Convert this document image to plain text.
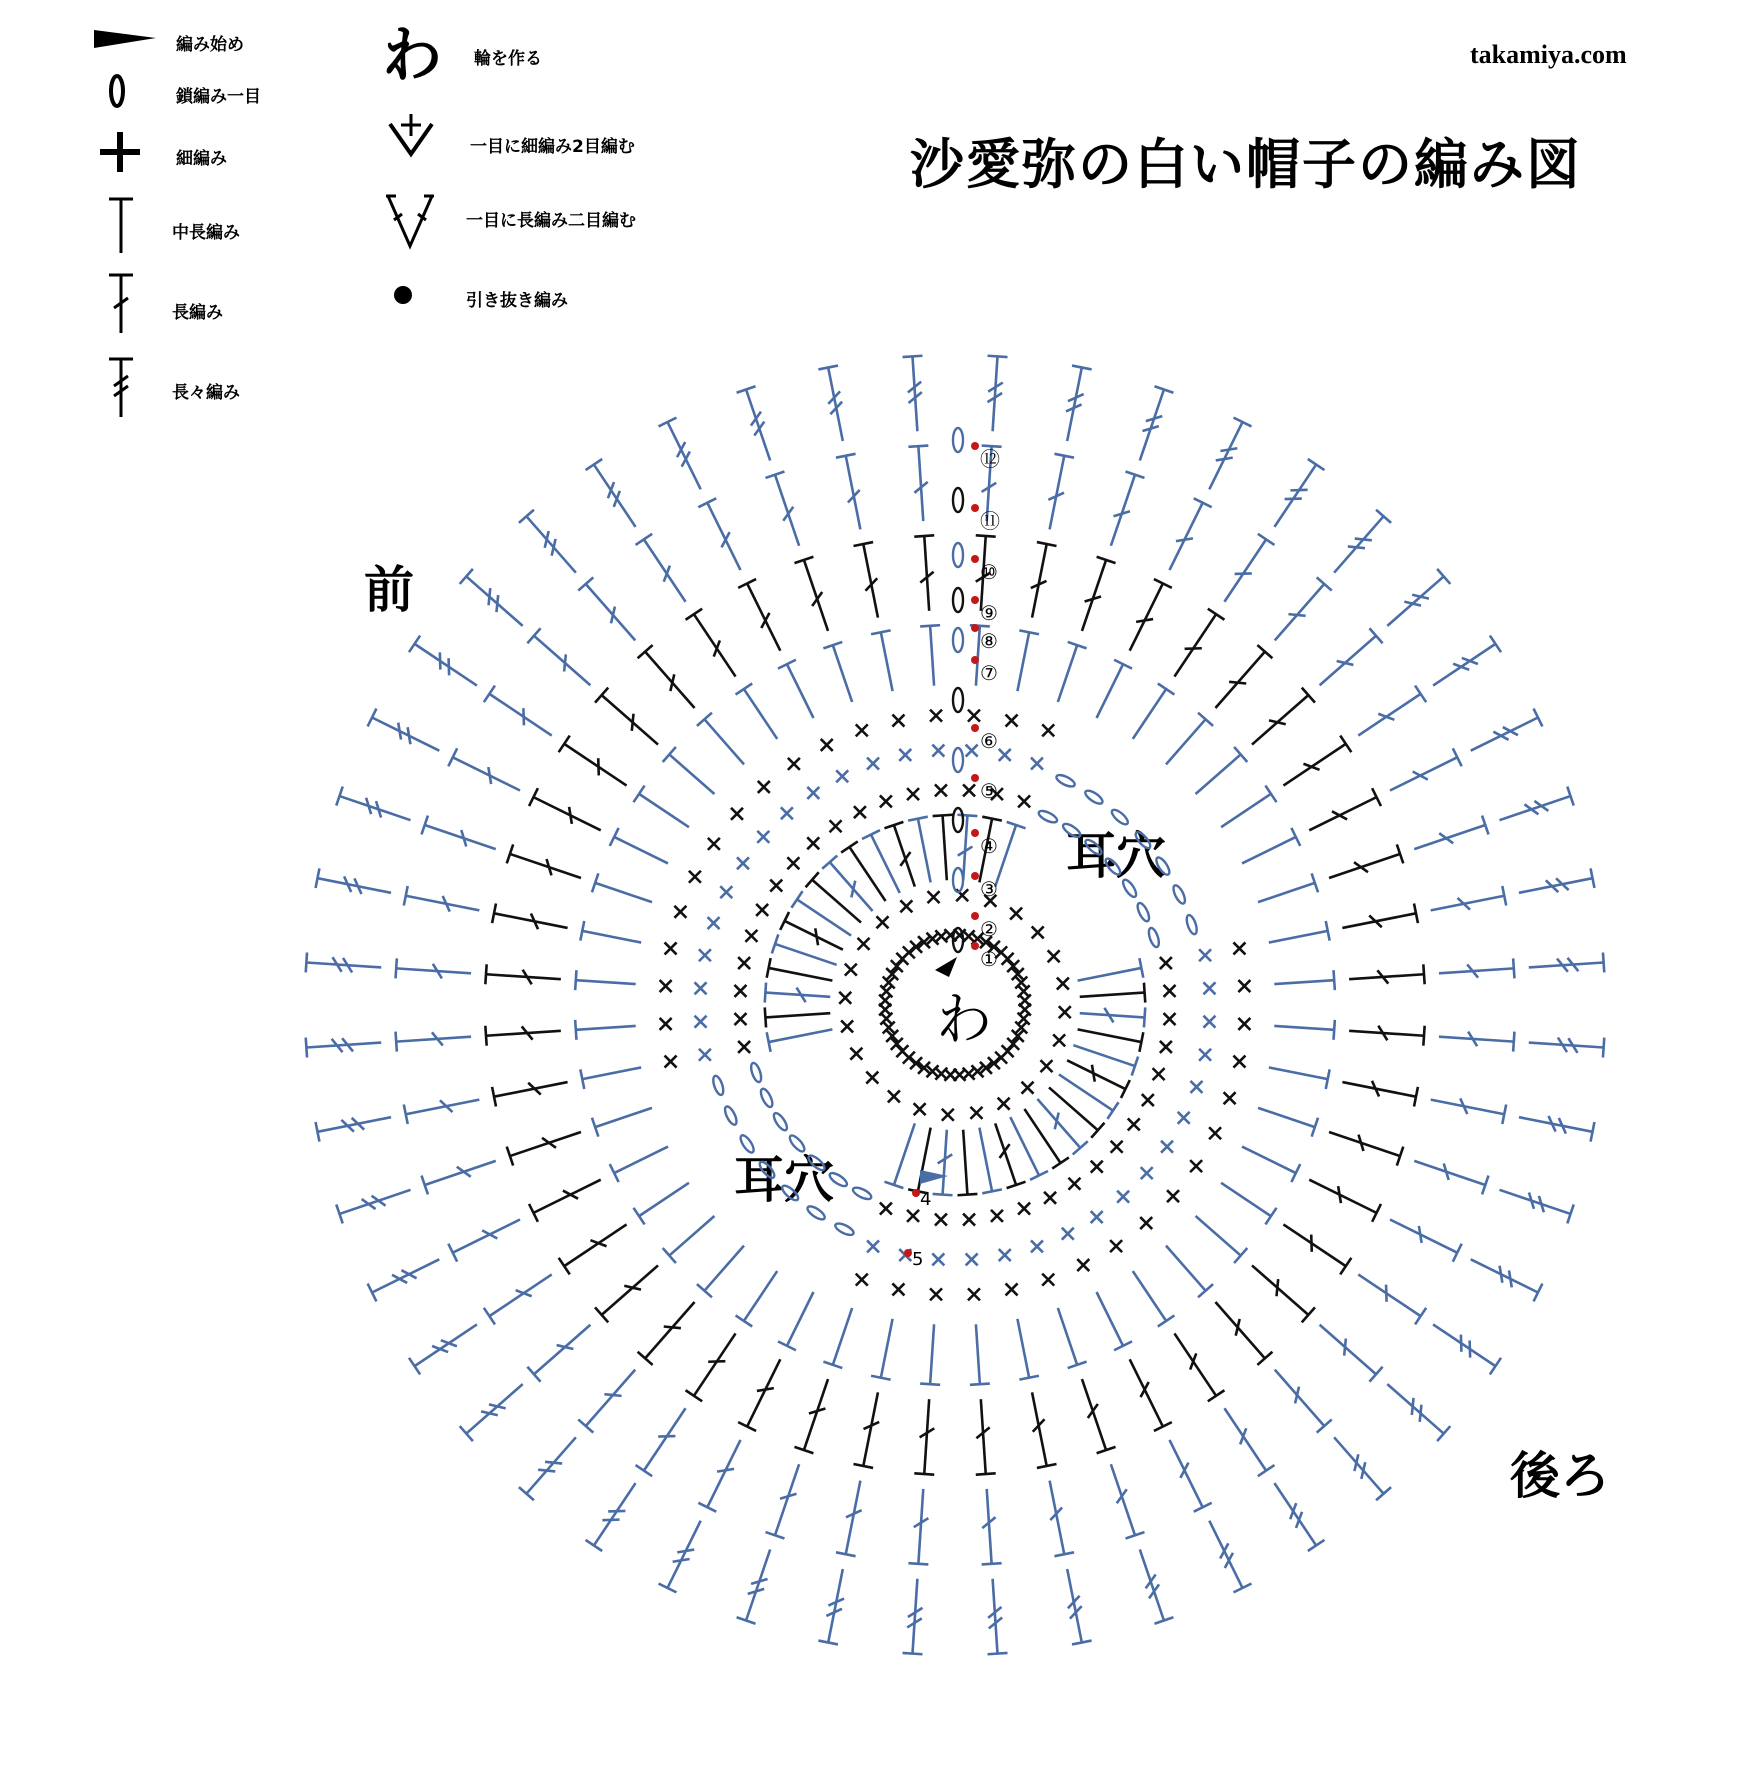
takamiya.com
沙愛弥の白い帽子の編み図
編み始め
鎖編み一目
細編み
中長編み
長編み
長々編み
わ 輪を作る
一目に細編み2目編む
一目に長編み二目編む
引き抜き編み
前
耳穴
耳穴
後ろ
わ
①
②
③
④
⑤
⑥
⑦
⑧
⑨
⑩
⑪
⑫
4
5
